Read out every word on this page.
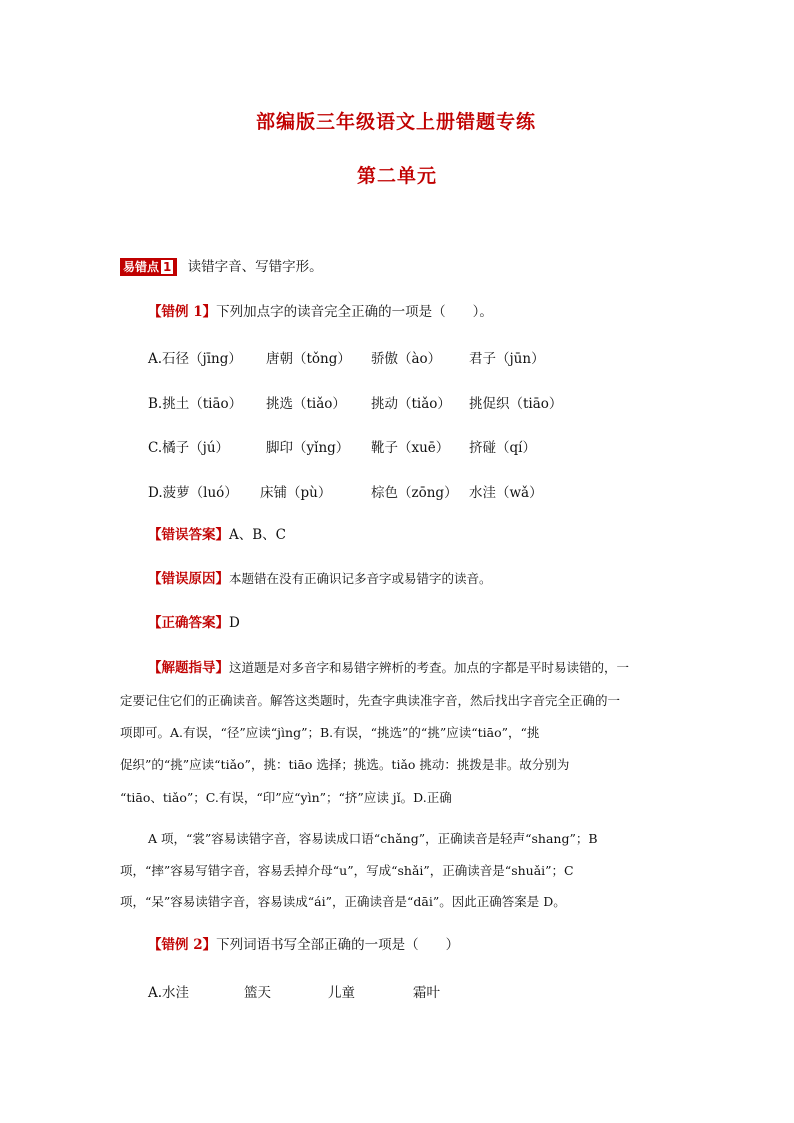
部编版三年级语文上册错题专练
第二单元
易错点 1 读错字音、写错字形。
【错例 1】下列加点字的读音完全正确的一项是（　　）。
A.石径（jīng） 唐朝（tǒng） 骄傲（ào） 君子（jūn）
B.挑土（tiāo） 挑选（tiǎo） 挑动（tiǎo） 挑促织（tiāo）
C.橘子（jú）	脚印（yǐng） 靴子（xuē） 挤碰（qí）
D.菠萝（luó） 床铺（pù）	棕色（zōng） 水洼（wǎ）
【错误答案】A、B、C
【错误原因】本题错在没有正确识记多音字或易错字的读音。
【正确答案】D
【解题指导】这道题是对多音字和易错字辨析的考查。加点的字都是平时易读错的，一
定要记住它们的正确读音。解答这类题时，先查字典读准字音，然后找出字音完全正确的一
项即可。A.有误，“径”应读“jìng”；B.有误，“挑选”的“挑”应读“tiāo”，“挑
促织”的“挑”应读“tiǎo”，挑：tiāo 选择；挑选。tiǎo 挑动：挑拨是非。故分别为
“tiāo、tiǎo”；C.有误，“印”应“yìn”；“挤”应读 jǐ。D.正确
A 项，“裳”容易读错字音，容易读成口语“chǎng”，正确读音是轻声“shang”；B
项，“摔”容易写错字音，容易丢掉介母“u”，写成“shǎi”，正确读音是“shuǎi”；C
项，“呆”容易读错字音，容易读成“ái”，正确读音是“dāi”。因此正确答案是 D。
【错例 2】下列词语书写全部正确的一项是（　　）
A.水洼	篮天	儿童	霜叶
